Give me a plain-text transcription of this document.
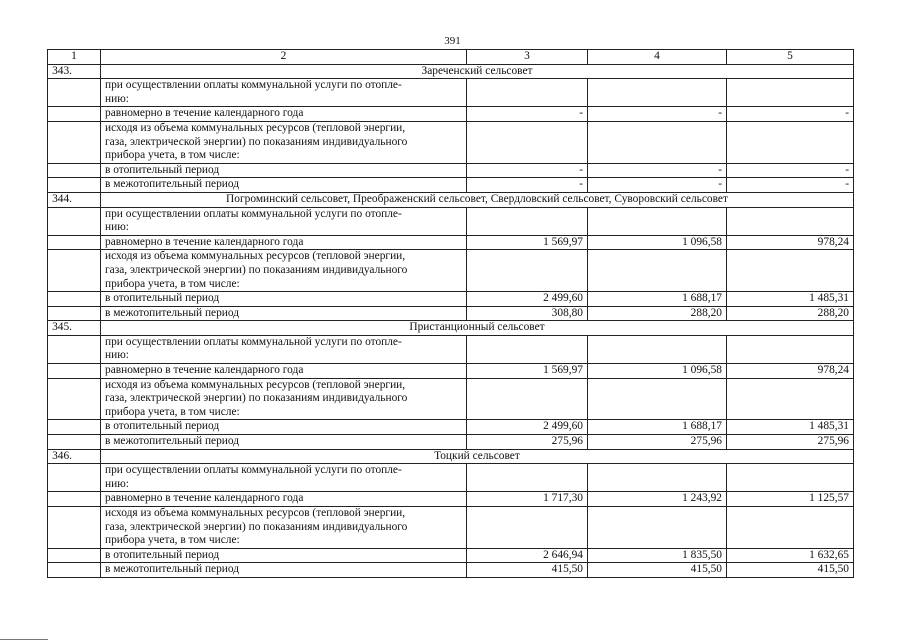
391
1	2	3	4	5
343.	Зареченский сельсовет			
	при осуществлении оплаты коммунальной услуги по отопле-
нию:			
	равномерно в течение календарного года	-	-	-
	исходя из объема коммунальных ресурсов (тепловой энергии,
газа, электрической энергии) по показаниям индивидуального
прибора учета, в том числе:			
	в отопительный период	-	-	-
	в межотопительный период	-	-	-
344.	Погроминский сельсовет, Преображенский сельсовет, Свердловский сельсовет, Суворовский сельсовет			
	при осуществлении оплаты коммунальной услуги по отопле-
нию:			
	равномерно в течение календарного года	1 569,97	1 096,58	978,24
	исходя из объема коммунальных ресурсов (тепловой энергии,
газа, электрической энергии) по показаниям индивидуального
прибора учета, в том числе:			
	в отопительный период	2 499,60	1 688,17	1 485,31
	в межотопительный период	308,80	288,20	288,20
345.	Пристанционный сельсовет			
	при осуществлении оплаты коммунальной услуги по отопле-
нию:			
	равномерно в течение календарного года	1 569,97	1 096,58	978,24
	исходя из объема коммунальных ресурсов (тепловой энергии,
газа, электрической энергии) по показаниям индивидуального
прибора учета, в том числе:			
	в отопительный период	2 499,60	1 688,17	1 485,31
	в межотопительный период	275,96	275,96	275,96
346.	Тоцкий сельсовет			
	при осуществлении оплаты коммунальной услуги по отопле-
нию:			
	равномерно в течение календарного года	1 717,30	1 243,92	1 125,57
	исходя из объема коммунальных ресурсов (тепловой энергии,
газа, электрической энергии) по показаниям индивидуального
прибора учета, в том числе:			
	в отопительный период	2 646,94	1 835,50	1 632,65
	в межотопительный период	415,50	415,50	415,50
